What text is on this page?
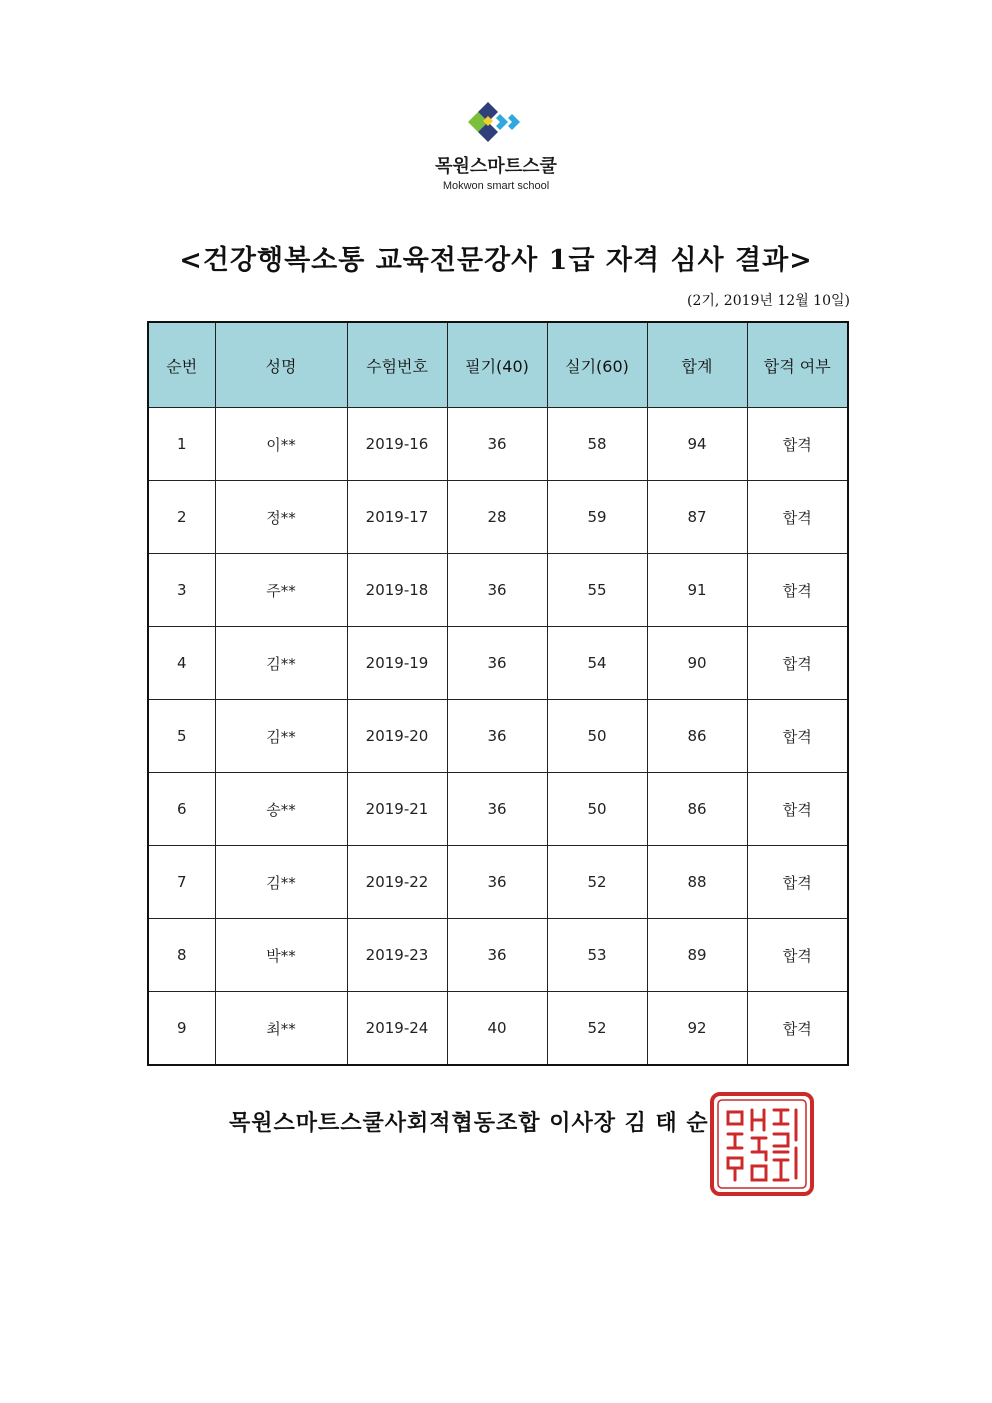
목원스마트스쿨
Mokwon smart school
<건강행복소통 교육전문강사 1급 자격 심사 결과>
(2기, 2019년 12월 10일)
순번	성명	수험번호	필기(40)	실기(60)	합계	합격 여부
1	이**	2019-16	36	58	94	합격
2	정**	2019-17	28	59	87	합격
3	주**	2019-18	36	55	91	합격
4	김**	2019-19	36	54	90	합격
5	김**	2019-20	36	50	86	합격
6	송**	2019-21	36	50	86	합격
7	김**	2019-22	36	52	88	합격
8	박**	2019-23	36	53	89	합격
9	최**	2019-24	40	52	92	합격
목원스마트스쿨사회적협동조합 이사장 김 태 순
